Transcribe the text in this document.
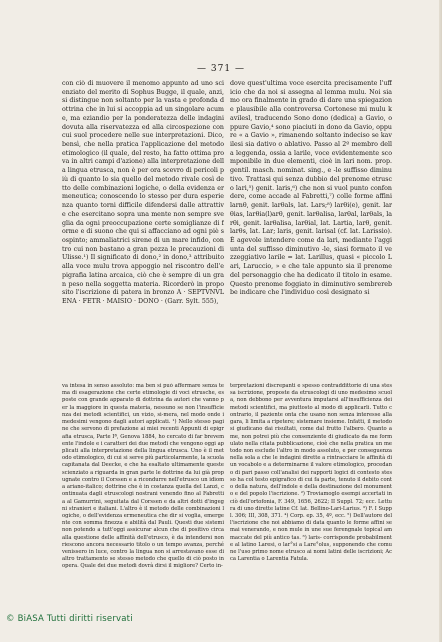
— 371 —

con ciò di muovere il menomo appunto ad uno scienziato del merito di Sophus Bugge, il quale, anzi, si distingue non soltanto per la vasta e profonda dottrina che in lui si accoppia ad un singolare acume, ma eziandio per la ponderatezza delle indagini dovuta alla riservatezza ed alla circospezione con cui suol procedere nelle sue interpretazioni. Dico, bensì, che nella pratica l'applicazione del metodo etimologico (il quale, del resto, ha fatto ottima prova in altri campi d'azione) alla interpretazione della lingua etrusca, non è per ora scevro di pericoli più di quanto lo sia quello del metodo rivale così detto delle combinazioni logiche, o della evidenza ermeneutica; conoscendo lo stesso per dura esperienza quanto torni difficile difendersi dalle attrattive che esercitano sopra una mente non sempre sveglia da ogni preoccupazione certe somiglianze di forme e di suono che qui si affacciano ad ogni piè sospinto; ammaliatrici sirene di un mare infido, contro cui non bastano a gran pezza le precauzioni di Ulisse.¹) Il significato di dono,² in dono,³ attribuito alla voce mulu trova appoggio nel riscontro dell'epigrafia latina arcaica, ciò che è sempre di un gran peso nella soggetta materia. Ricorderò in proposito l'iscrizione di patera in bronzo A · SEPTVNVLENA · FETR · MAISIO · DONO · (Garr. Sylt. 555),

dove quest'ultima voce esercita precisamente l'ufficio che da noi si assegna al lemma mulu. Noi siamo ora finalmente in grado di dare una spiegazione plausibile alla controversa Cortonese mi mulu kavilesl, traducendo Sono dono (dedica) a Gavio, oppure Gavio,⁴ sono piaciuti in dono da Gavio, oppure « a Gavio », rimanendo soltanto indeciso se kavilesi sia dativo o ablativo. Passo al 2º membro della leggenda, ossia a larile, voce evidentemente scomponibile in due elementi, cioè in lari nom. prop. gentil. masch. nominat. sing., e -le suffisso diminutivo. Trattasi qui senza dubbio del prenome etrusco lari,⁵) genit. laris,⁶) che non si vuol punto confondere, come accade al Fabretti,⁷) colle forme affini larnθ, genit. larθals, lat. Lars;⁸) larθi(e), genit. larθias, larθia(l)arθ, genit. larθalisa, larθal, larθals, larθi, genit. larθalisa, larθial, lat. Lartia, larθ, genit. larθs, lat. Lar; laris, genit. larisal (cf. lat. Larissio). È agevole intendere come da lari, mediante l'aggiunta del suffisso diminutivo -le, siasi formato il vezzeggiativo larile = lat. Larillus, quasi « piccolo Lari, Laruccio, » e che tale appunto sia il prenome del personaggio che ha dedicato il titolo in esame. Questo prenome foggiato in diminutivo sembrerebbe indicare che l'individuo così designato si

va intesa in senso assoluto: ma ben si può affermare senza tema di esagerazione che certe etimologie di voci etrusche, esposte con grande apparato di dottrina da autori che vanno per la maggiore in questa materia, nessuno se non l'insufficienza dei metodi scientifici, un vizio, si-mera, nel modo onde i medesimi vengono dagli autori applicati. ¹) Nello stesso pagine che servono di prefazione ai miei recenti Appunti di epigrafia etrusca, Parte Iª, Genova 1884, ho cercato di far brevemente l'indole e i caratteri dei due metodi che vengono oggi applicati alla interpretazione della lingua etrusca. Uno è il metodo etimologico, di cui si serve più particolarmente, la scuola capitanata dal Deecke, e che ha esaltato ultimamente queste scienziato a riguarda in gran parte le dottrine da lui già propugnate contro il Corssen e a ricondurre nell'etrusco un idioma ariano-italico; dottrine che è in costanza quella del Lanzi, continuata dagli etruscologi nostrani venendo fino al Fabretti a al Gamurrini, seguitata dal Corssen e da altri dotti d'ingegni stranieri e italiani. L'altro è il metodo delle combinazioni logiche, o dell'evidenza ermeneutica che dir si voglia, emergente con somma finezza e abilità dal Pauli. Questi due sistemi non potendo a tutt'oggi assicurar alcun che di positivo circa alla questione delle affinità dell'etrusco, è da intendersi non riescono ancora necessario titolo o un tempo avanza, perché venissero in luce, contro la lingua non si arrestavano esse di altro trattamento se stesso metodo che quello di ciò posto in opera. Quale dei due metodi dovrà dirsi il migliore? Certo in-

terpretazioni discrepanti e spesso contraddittorie di una stessa iscrizione, proposte da etruscologi di uno medesimo scuola, non debbono per avventura imputarsi all'insufficienza dei metodi scientifici, ma piuttosto al modo di applicarli. Tutto contrario, il paziente onta che usano non senza interesse alla gara, li limita a ripetere; sistemare insieme. Infatti, il metodo si giudicano dai risultati, come dal frutto l'albero. Quanto a me, non potrei più che consenziente di giudicato da me formulato nella citata pubblicazione, cioè che nella pratica un metodo non esclude l'altro in modo assoluto, e per conseguenza nella sola a che le indagini dirette a rintracciare le affinità di un vocabolo e a determinarne il valore etimologico, procedano di pari passo coll'analisi dei rapporti logici di contesto stesso ha col testo epigrafico di cui fa parte, tenuto il debito conto della natura, dell'indole e della destinazione del monumento e del popolo l'iscrizione. ²) Troviamoglo esempi accertati in ciò dell'ortofonia, F. 349, 1656, 2622; II Suppl. 72; ecc. Lettura di uno dirette latine Cf. lat. Bellino-Lari-Larius. ³) F. I Suppl. 306; III, 308, 371. ⁴) Corp. ep. 35, 4º, ecc. ⁵) Dell'autore dell'iscrizione che noi abbiamo di data quanto le forme affini se mai venerando, e non mule in une sue ferengnale topical ammaccate del più antico tas. ⁶) laris- corrisponde probabilmente al latino Laresi, o lar°si a Lare°olus, supponendo che comune l'uso primo nome etrusco ai nomi latini delle iscrizioni; Acca Larentia o Larentia Fatula.

© BiASA Tutti diritti riservati
